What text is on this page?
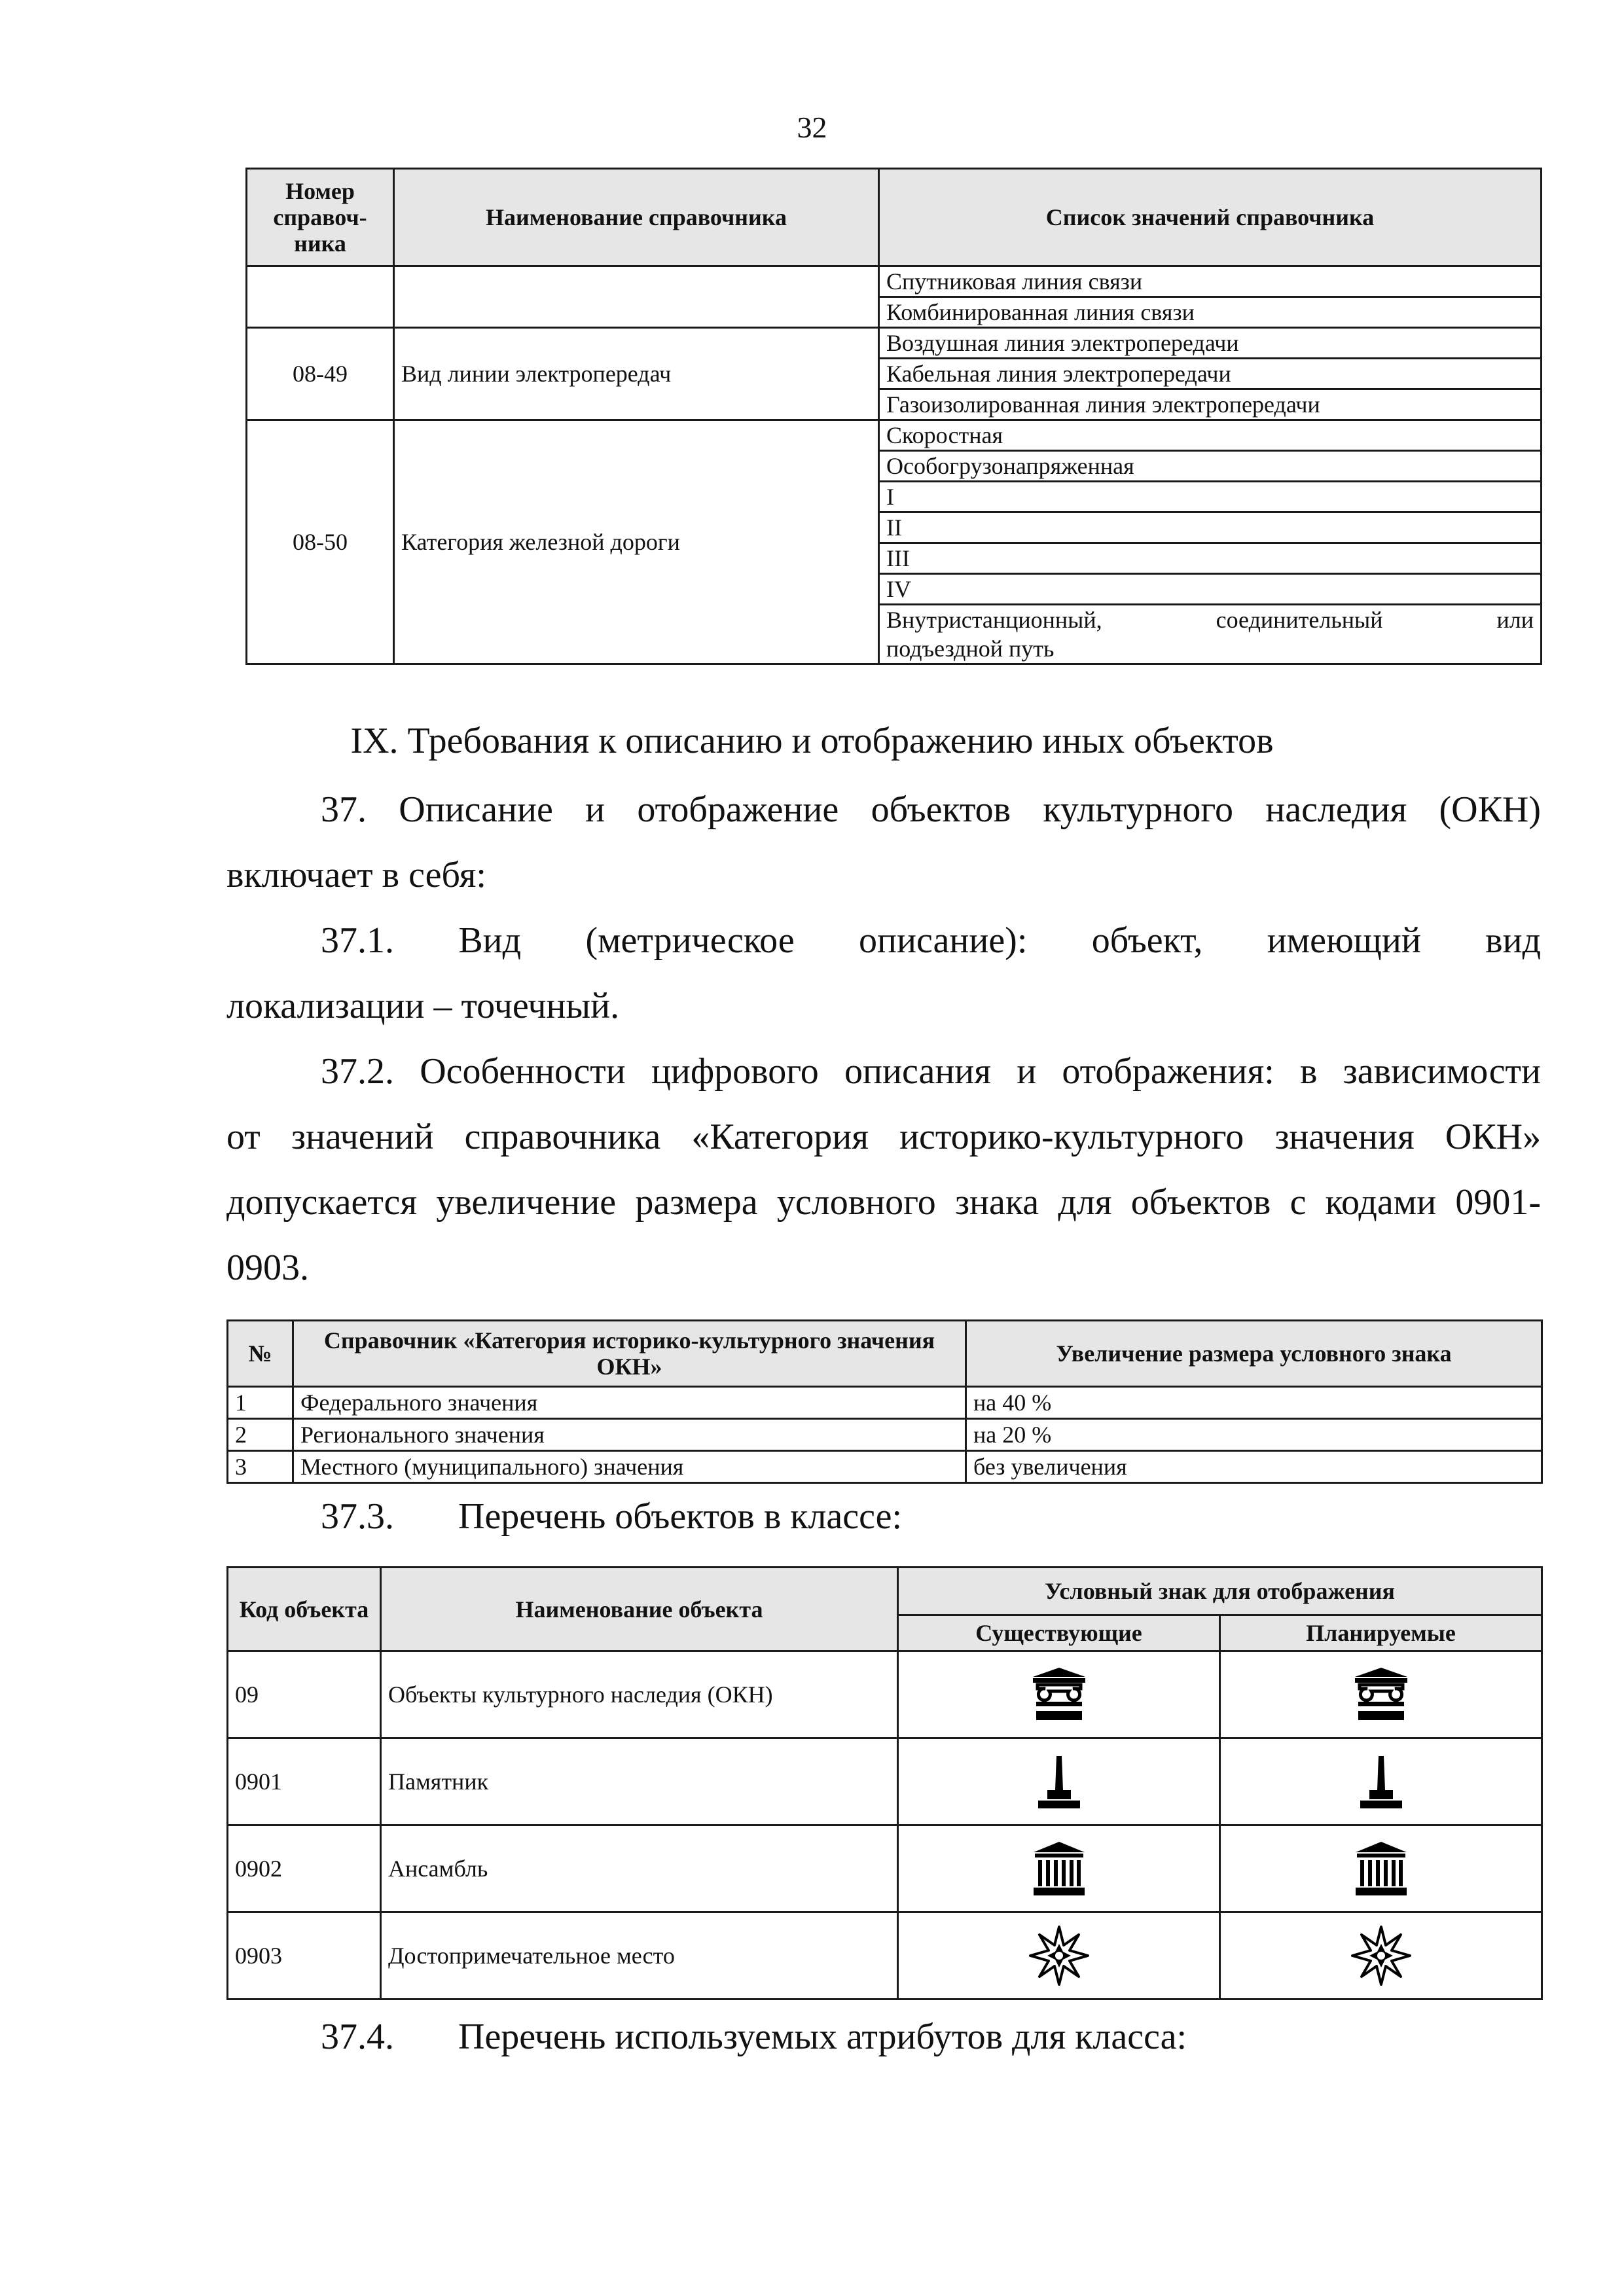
32
Номер справоч-ника	Наименование справочника	Список значений справочника
		Спутниковая линия связи
		Комбинированная линия связи
08-49	Вид линии электропередач	Воздушная линия электропередачи
		Кабельная линия электропередачи
		Газоизолированная линия электропередачи
08-50	Категория железной дороги	Скоростная
		Особогрузонапряженная
		I
		II
		III
		IV

		Внутристанционный, соединительный или
подъездной путь
IX. Требования к описанию и отображению иных объектов
37. Описание и отображение объектов культурного наследия (ОКН)
включает в себя:
37.1. Вид (метрическое описание): объект, имеющий вид
локализации – точечный.
37.2. Особенности цифрового описания и отображения: в зависимости
от значений справочника «Категория историко-культурного значения ОКН»
допускается увеличение размера условного знака для объектов с кодами 0901-
0903.
№	Справочник «Категория историко-культурного значения ОКН»	Увеличение размера условного знака
1	Федерального значения	на 40 %
2	Регионального значения	на 20 %
3	Местного (муниципального) значения	без увеличения
37.3. Перечень объектов в классе:
Код объекта	Наименование объекта	Условный знак для отображения	
		Существующие	Планируемые
09	Объекты культурного наследия (ОКН)	

0901	Памятник	

0902	Ансамбль	

0903	Достопримечательное место	

37.4. Перечень используемых атрибутов для класса:
